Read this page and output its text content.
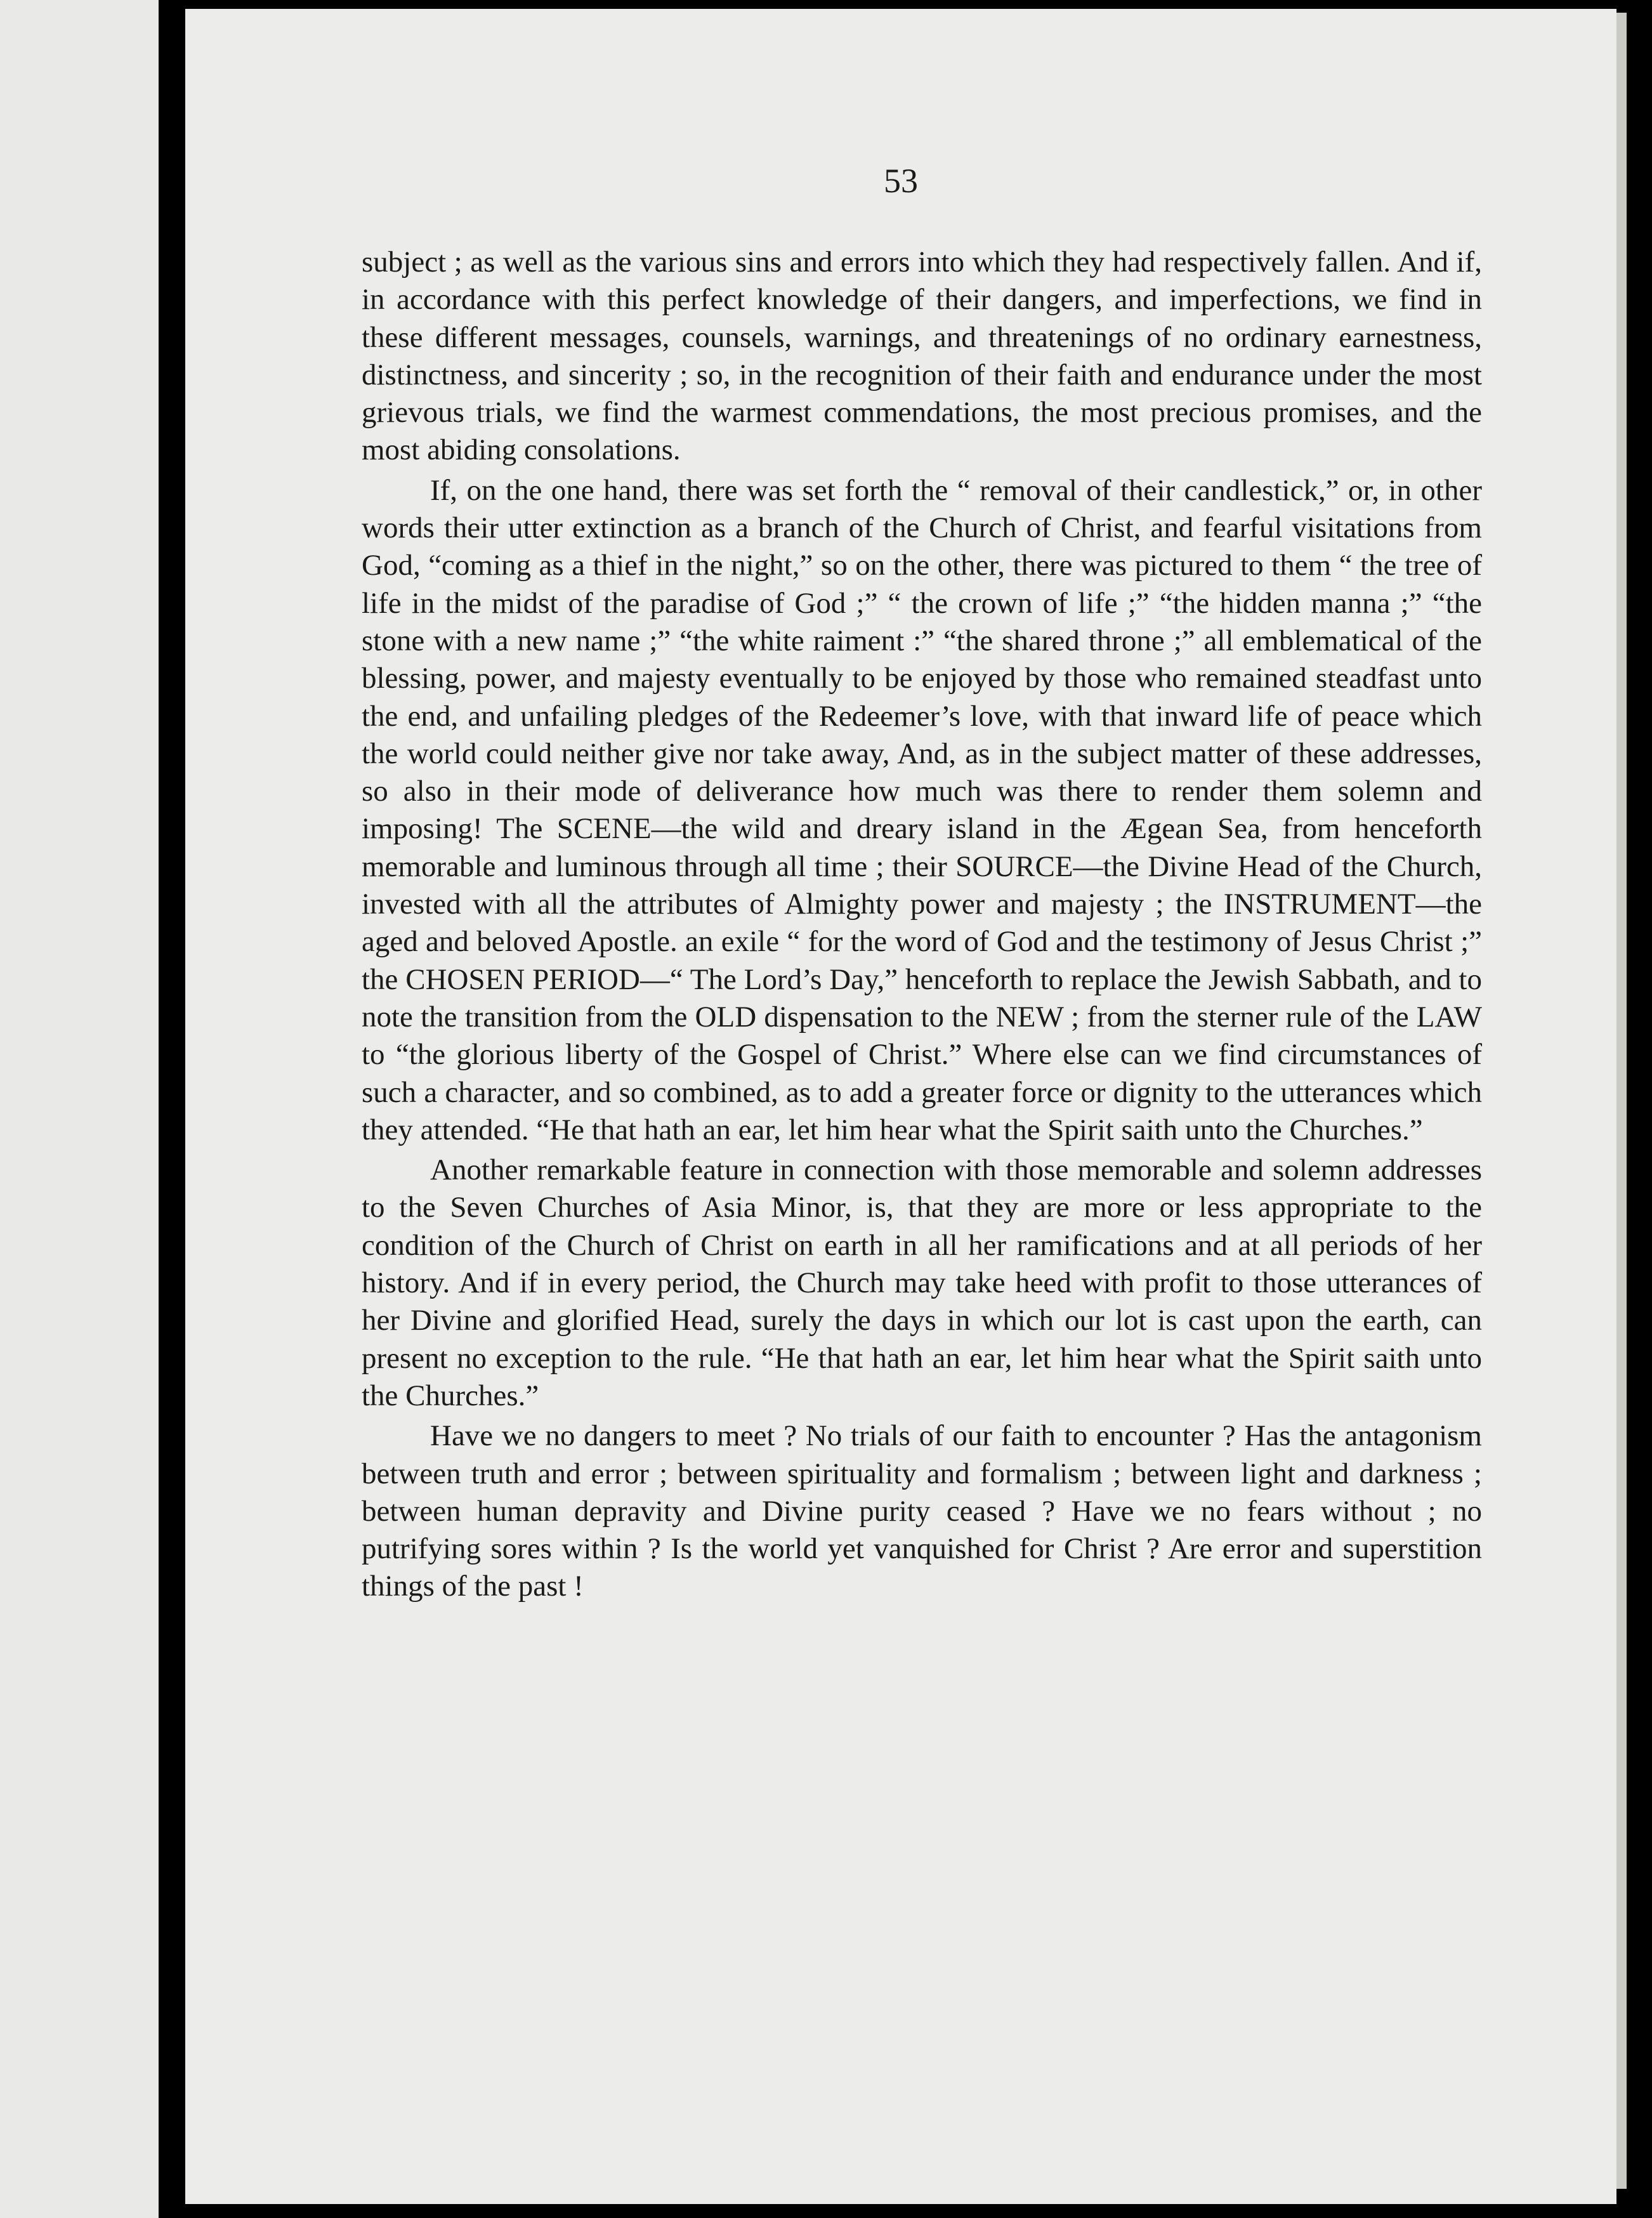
53

subject ; as well as the various sins and errors into which they had respectively fallen. And if, in accordance with this perfect knowledge of their dangers, and imperfections, we find in these different messages, counsels, warnings, and threatenings of no ordinary earnestness, distinctness, and sincerity ; so, in the recognition of their faith and endurance under the most grievous trials, we find the warmest commendations, the most precious promises, and the most abiding consolations.

If, on the one hand, there was set forth the “ removal of their candlestick,” or, in other words their utter extinction as a branch of the Church of Christ, and fearful visitations from God, “coming as a thief in the night,” so on the other, there was pictured to them “ the tree of life in the midst of the paradise of God ;” “ the crown of life ;” “the hidden manna ;” “the stone with a new name ;” “the white raiment :” “the shared throne ;” all emblematical of the blessing, power, and majesty eventually to be enjoyed by those who remained steadfast unto the end, and unfailing pledges of the Redeemer’s love, with that inward life of peace which the world could neither give nor take away, And, as in the subject matter of these addresses, so also in their mode of deliverance how much was there to render them solemn and imposing! The SCENE—the wild and dreary island in the Ægean Sea, from henceforth memorable and luminous through all time ; their SOURCE—the Divine Head of the Church, invested with all the attributes of Almighty power and majesty ; the INSTRUMENT—the aged and beloved Apostle. an exile “ for the word of God and the testimony of Jesus Christ ;” the CHOSEN PERIOD—“ The Lord’s Day,” henceforth to replace the Jewish Sabbath, and to note the transition from the OLD dispensation to the NEW ; from the sterner rule of the LAW to “the glorious liberty of the Gospel of Christ.” Where else can we find circumstances of such a character, and so combined, as to add a greater force or dignity to the utterances which they attended. “He that hath an ear, let him hear what the Spirit saith unto the Churches.”

Another remarkable feature in connection with those memorable and solemn addresses to the Seven Churches of Asia Minor, is, that they are more or less appropriate to the condition of the Church of Christ on earth in all her ramifications and at all periods of her history. And if in every period, the Church may take heed with profit to those utterances of her Divine and glorified Head, surely the days in which our lot is cast upon the earth, can present no exception to the rule. “He that hath an ear, let him hear what the Spirit saith unto the Churches.”

Have we no dangers to meet ? No trials of our faith to encounter ? Has the antagonism between truth and error ; between spirituality and formalism ; between light and darkness ; between human depravity and Divine purity ceased ? Have we no fears without ; no putrifying sores within ? Is the world yet vanquished for Christ ? Are error and superstition things of the past !
